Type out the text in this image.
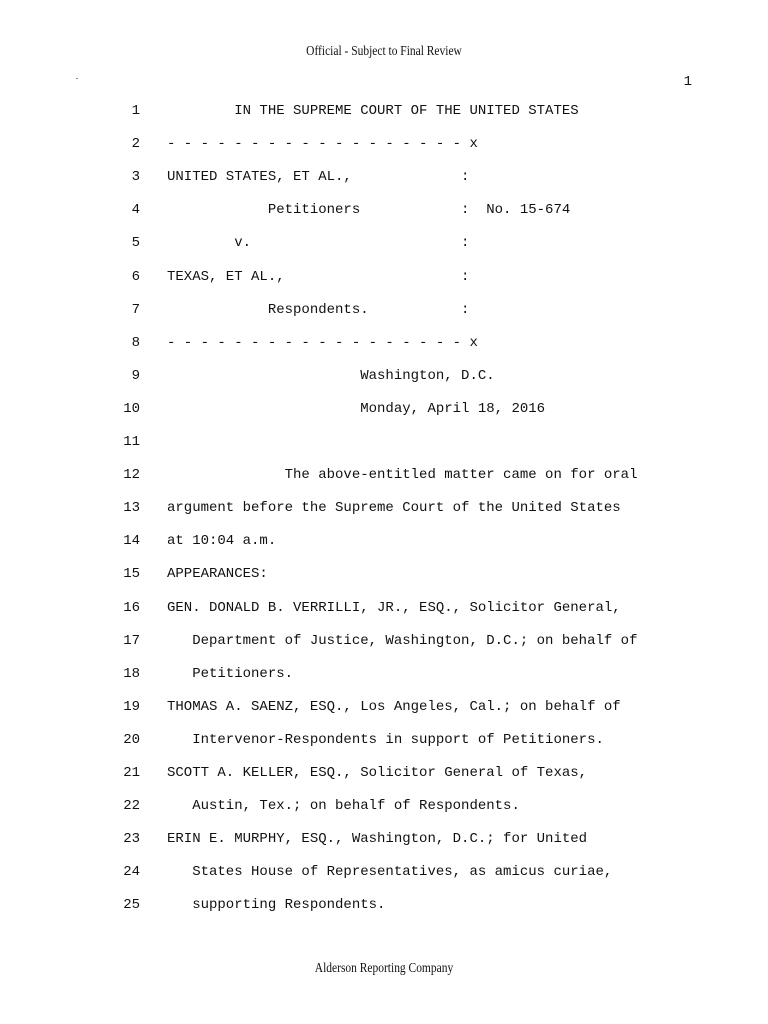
Official - Subject to Final Review
1
1 IN THE SUPREME COURT OF THE UNITED STATES
2 - - - - - - - - - - - - - - - - - - x
3 UNITED STATES, ET AL.,             :
4 Petitioners            :  No. 15-674
5 v.                         :
6 TEXAS, ET AL.,                     :
7 Respondents.           :
8 - - - - - - - - - - - - - - - - - - x
9 Washington, D.C.
10 Monday, April 18, 2016
11
12 The above-entitled matter came on for oral
13 argument before the Supreme Court of the United States
14 at 10:04 a.m.
15 APPEARANCES:
16 GEN. DONALD B. VERRILLI, JR., ESQ., Solicitor General,
17 Department of Justice, Washington, D.C.; on behalf of
18 Petitioners.
19 THOMAS A. SAENZ, ESQ., Los Angeles, Cal.; on behalf of
20 Intervenor-Respondents in support of Petitioners.
21 SCOTT A. KELLER, ESQ., Solicitor General of Texas,
22 Austin, Tex.; on behalf of Respondents.
23 ERIN E. MURPHY, ESQ., Washington, D.C.; for United
24 States House of Representatives, as amicus curiae,
25 supporting Respondents.
Alderson Reporting Company
